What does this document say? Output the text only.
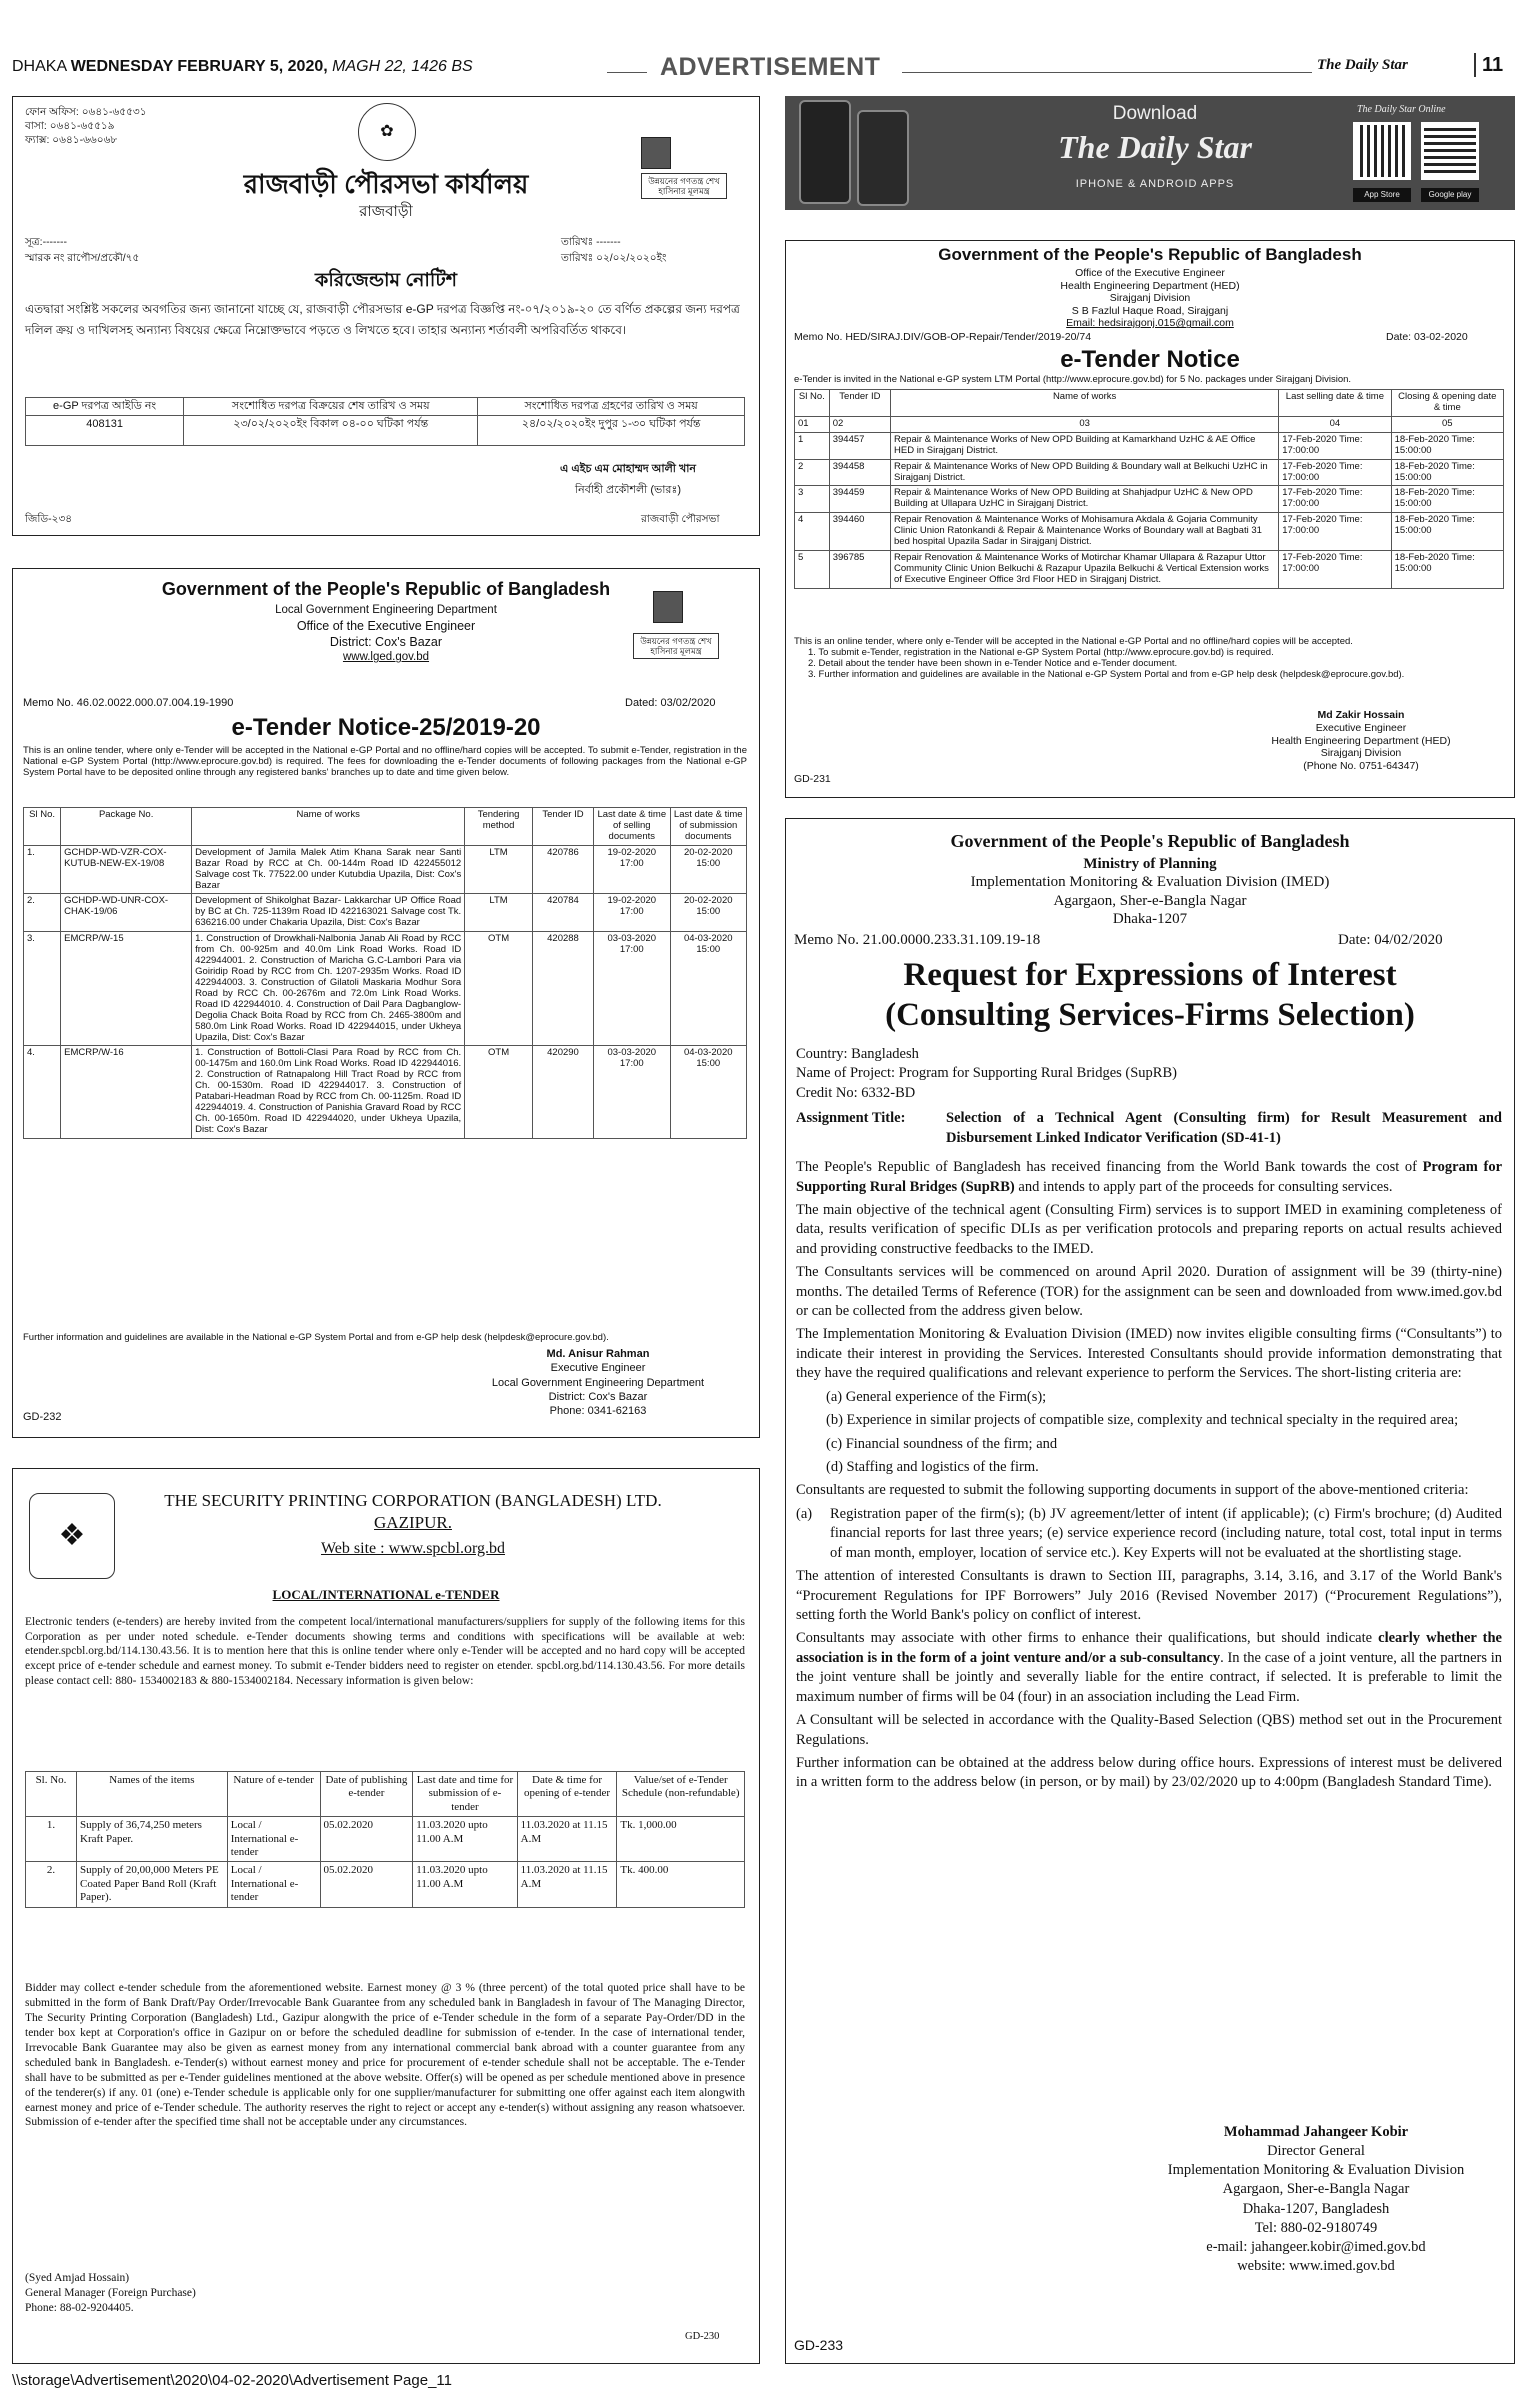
DHAKA WEDNESDAY FEBRUARY 5, 2020, MAGH 22, 1426 BS	ADVERTISEMENT	The Daily Star	11
ফোন অফিস: ০৬৪১-৬৫৫৩১
বাসা: ০৬৪১-৬৫৫১৯
ফ্যাক্স: ০৬৪১-৬৬০৬৮
✿
উন্নয়নের গণতন্ত্র শেখ হাসিনার মূলমন্ত্র
রাজবাড়ী পৌরসভা কার্যালয়
রাজবাড়ী
সূত্র:-------
স্মারক নং রাপৌস/প্রকৌ/৭৫
তারিখঃ -------
তারিখঃ ০২/০২/২০২০ইং
করিজেন্ডাম নোটিশ
এতদ্বারা সংশ্লিষ্ট সকলের অবগতির জন্য জানানো যাচ্ছে যে, রাজবাড়ী পৌরসভার e-GP দরপত্র বিজ্ঞপ্তি নং-০৭/২০১৯-২০ তে বর্ণিত প্রকল্পের জন্য দরপত্র দলিল ক্রয় ও দাখিলসহ অন্যান্য বিষয়ের ক্ষেত্রে নিম্নোক্তভাবে পড়তে ও লিখতে হবে। তাহার অন্যান্য শর্তাবলী অপরিবর্তিত থাকবে।
e-GP দরপত্র আইডি নং	সংশোধিত দরপত্র বিক্রয়ের শেষ তারিখ ও সময়	সংশোধিত দরপত্র গ্রহণের তারিখ ও সময়
408131	২৩/০২/২০২০ইং বিকাল ০৪-০০ ঘটিকা পর্যন্ত	২৪/০২/২০২০ইং দুপুর ১-৩০ ঘটিকা পর্যন্ত
এ এইচ এম মোহাম্মদ আলী খান
নির্বাহী প্রকৌশলী (ভারঃ)
জিডি-২৩৪	রাজবাড়ী পৌরসভা
Government of the People's Republic of Bangladesh
Local Government Engineering Department
Office of the Executive Engineer
District: Cox's Bazar
www.lged.gov.bd
উন্নয়নের গণতন্ত্র শেখ হাসিনার মূলমন্ত্র
Memo No. 46.02.0022.000.07.004.19-1990	Dated: 03/02/2020
e-Tender Notice-25/2019-20
This is an online tender, where only e-Tender will be accepted in the National e-GP Portal and no offline/hard copies will be accepted. To submit e-Tender, registration in the National e-GP System Portal (http://www.eprocure.gov.bd) is required. The fees for downloading the e-Tender documents of following packages from the National e-GP System Portal have to be deposited online through any registered banks' branches up to date and time given below.
Sl No.	Package No.	Name of works	Tendering method	Tender ID	Last date & time of selling documents	Last date & time of submission documents
1.	GCHDP-WD-VZR-COX-KUTUB-NEW-EX-19/08	Development of Jamila Malek Atim Khana Sarak near Santi Bazar Road by RCC at Ch. 00-144m Road ID 422455012 Salvage cost Tk. 77522.00 under Kutubdia Upazila, Dist: Cox's Bazar	LTM	420786	19-02-2020 17:00	20-02-2020 15:00
2.	GCHDP-WD-UNR-COX-CHAK-19/06	Development of Shikolghat Bazar- Lakkarchar UP Office Road by BC at Ch. 725-1139m Road ID 422163021 Salvage cost Tk. 636216.00 under Chakaria Upazila, Dist: Cox's Bazar	LTM	420784	19-02-2020 17:00	20-02-2020 15:00
3.	EMCRP/W-15	1. Construction of Drowkhali-Nalbonia Janab Ali Road by RCC from Ch. 00-925m and 40.0m Link Road Works. Road ID 422944001. 2. Construction of Maricha G.C-Lambori Para via Goiridip Road by RCC from Ch. 1207-2935m Works. Road ID 422944003. 3. Construction of Gilatoli Maskaria Modhur Sora Road by RCC Ch. 00-2676m and 72.0m Link Road Works. Road ID 422944010. 4. Construction of Dail Para Dagbanglow-Degolia Chack Boita Road by RCC from Ch. 2465-3800m and 580.0m Link Road Works. Road ID 422944015, under Ukheya Upazila, Dist: Cox's Bazar	OTM	420288	03-03-2020 17:00	04-03-2020 15:00
4.	EMCRP/W-16	1. Construction of Bottoli-Clasi Para Road by RCC from Ch. 00-1475m and 160.0m Link Road Works. Road ID 422944016. 2. Construction of Ratnapalong Hill Tract Road by RCC from Ch. 00-1530m. Road ID 422944017. 3. Construction of Patabari-Headman Road by RCC from Ch. 00-1125m. Road ID 422944019. 4. Construction of Panishia Gravard Road by RCC Ch. 00-1650m. Road ID 422944020, under Ukheya Upazila, Dist: Cox's Bazar	OTM	420290	03-03-2020 17:00	04-03-2020 15:00
Further information and guidelines are available in the National e-GP System Portal and from e-GP help desk (helpdesk@eprocure.gov.bd).
Md. Anisur Rahman
Executive Engineer
Local Government Engineering Department
District: Cox's Bazar
Phone: 0341-62163
GD-232
❖
THE SECURITY PRINTING CORPORATION (BANGLADESH) LTD.
GAZIPUR.
Web site : www.spcbl.org.bd
LOCAL/INTERNATIONAL e-TENDER
Electronic tenders (e-tenders) are hereby invited from the competent local/international manufacturers/suppliers for supply of the following items for this Corporation as per under noted schedule. e-Tender documents showing terms and conditions with specifications will be available at web: etender.spcbl.org.bd/114.130.43.56. It is to mention here that this is online tender where only e-Tender will be accepted and no hard copy will be accepted except price of e-tender schedule and earnest money. To submit e-Tender bidders need to register on etender. spcbl.org.bd/114.130.43.56. For more details please contact cell: 880- 1534002183 & 880-1534002184. Necessary information is given below:
Sl. No.	Names of the items	Nature of e-tender	Date of publishing e-tender	Last date and time for submission of e-tender	Date & time for opening of e-tender	Value/set of e-Tender Schedule (non-refundable)
1.	Supply of 36,74,250 meters Kraft Paper.	Local / International e-tender	05.02.2020	11.03.2020 upto 11.00 A.M	11.03.2020 at 11.15 A.M	Tk. 1,000.00
2.	Supply of 20,00,000 Meters PE Coated Paper Band Roll (Kraft Paper).	Local / International e-tender	05.02.2020	11.03.2020 upto 11.00 A.M	11.03.2020 at 11.15 A.M	Tk. 400.00
Bidder may collect e-tender schedule from the aforementioned website. Earnest money @ 3 % (three percent) of the total quoted price shall have to be submitted in the form of Bank Draft/Pay Order/Irrevocable Bank Guarantee from any scheduled bank in Bangladesh in favour of The Managing Director, The Security Printing Corporation (Bangladesh) Ltd., Gazipur alongwith the price of e-Tender schedule in the form of a separate Pay-Order/DD in the tender box kept at Corporation's office in Gazipur on or before the scheduled deadline for submission of e-tender. In the case of international tender, Irrevocable Bank Guarantee may also be given as earnest money from any international commercial bank abroad with a counter guarantee from any scheduled bank in Bangladesh. e-Tender(s) without earnest money and price for procurement of e-tender schedule shall not be acceptable. The e-Tender shall have to be submitted as per e-Tender guidelines mentioned at the above website. Offer(s) will be opened as per schedule mentioned above in presence of the tenderer(s) if any. 01 (one) e-Tender schedule is applicable only for one supplier/manufacturer for submitting one offer against each item alongwith earnest money and price of e-Tender schedule. The authority reserves the right to reject or accept any e-tender(s) without assigning any reason whatsoever. Submission of e-tender after the specified time shall not be acceptable under any circumstances.
(Syed Amjad Hossain)
General Manager (Foreign Purchase)
Phone: 88-02-9204405.
GD-230
Download
The Daily Star
IPHONE & ANDROID APPS
The Daily Star Online
App Store	Google play
Government of the People's Republic of Bangladesh
Office of the Executive Engineer
Health Engineering Department (HED)
Sirajganj Division
S B Fazlul Haque Road, Sirajganj
Email: hedsirajgonj.015@gmail.com
Memo No. HED/SIRAJ.DIV/GOB-OP-Repair/Tender/2019-20/74	Date: 03-02-2020
e-Tender Notice
e-Tender is invited in the National e-GP system LTM Portal (http://www.eprocure.gov.bd) for 5 No. packages under Sirajganj Division.
Sl No.	Tender ID	Name of works	Last selling date & time	Closing & opening date & time
01	02	03	04	05
1	394457	Repair & Maintenance Works of New OPD Building at Kamarkhand UzHC & AE Office HED in Sirajganj District.	17-Feb-2020 Time: 17:00:00	18-Feb-2020 Time: 15:00:00
2	394458	Repair & Maintenance Works of New OPD Building & Boundary wall at Belkuchi UzHC in Sirajganj District.	17-Feb-2020 Time: 17:00:00	18-Feb-2020 Time: 15:00:00
3	394459	Repair & Maintenance Works of New OPD Building at Shahjadpur UzHC & New OPD Building at Ullapara UzHC in Sirajganj District.	17-Feb-2020 Time: 17:00:00	18-Feb-2020 Time: 15:00:00
4	394460	Repair Renovation & Maintenance Works of Mohisamura Akdala & Gojaria Community Clinic Union Ratonkandi & Repair & Maintenance Works of Boundary wall at Bagbati 31 bed hospital Upazila Sadar in Sirajganj District.	17-Feb-2020 Time: 17:00:00	18-Feb-2020 Time: 15:00:00
5	396785	Repair Renovation & Maintenance Works of Motirchar Khamar Ullapara & Razapur Uttor Community Clinic Union Belkuchi & Razapur Upazila Belkuchi & Vertical Extension works of Executive Engineer Office 3rd Floor HED in Sirajganj District.	17-Feb-2020 Time: 17:00:00	18-Feb-2020 Time: 15:00:00
This is an online tender, where only e-Tender will be accepted in the National e-GP Portal and no offline/hard copies will be accepted.
1. To submit e-Tender, registration in the National e-GP System Portal (http://www.eprocure.gov.bd) is required.
2. Detail about the tender have been shown in e-Tender Notice and e-Tender document.
3. Further information and guidelines are available in the National e-GP System Portal and from e-GP help desk (helpdesk@eprocure.gov.bd).
Md Zakir Hossain
Executive Engineer
Health Engineering Department (HED)
Sirajganj Division
(Phone No. 0751-64347)
GD-231
Government of the People's Republic of Bangladesh
Ministry of Planning
Implementation Monitoring & Evaluation Division (IMED)
Agargaon, Sher-e-Bangla Nagar
Dhaka-1207
Memo No. 21.00.0000.233.31.109.19-18	Date: 04/02/2020
Request for Expressions of Interest
(Consulting Services-Firms Selection)
Country: Bangladesh
Name of Project: Program for Supporting Rural Bridges (SupRB)
Credit No: 6332-BD
Assignment Title:	Selection of a Technical Agent (Consulting firm) for Result Measurement and Disbursement Linked Indicator Verification (SD-41-1)

The People's Republic of Bangladesh has received financing from the World Bank towards the cost of Program for Supporting Rural Bridges (SupRB) and intends to apply part of the proceeds for consulting services.

The main objective of the technical agent (Consulting Firm) services is to support IMED in examining completeness of data, results verification of specific DLIs as per verification protocols and preparing reports on actual results achieved and providing constructive feedbacks to the IMED.

The Consultants services will be commenced on around April 2020. Duration of assignment will be 39 (thirty-nine) months. The detailed Terms of Reference (TOR) for the assignment can be seen and downloaded from www.imed.gov.bd or can be collected from the address given below.

The Implementation Monitoring & Evaluation Division (IMED) now invites eligible consulting firms (“Consultants”) to indicate their interest in providing the Services. Interested Consultants should provide information demonstrating that they have the required qualifications and relevant experience to perform the Services. The short-listing criteria are:

(a) General experience of the Firm(s);
(b) Experience in similar projects of compatible size, complexity and technical specialty in the required area;
(c) Financial soundness of the firm; and
(d) Staffing and logistics of the firm.

Consultants are requested to submit the following supporting documents in support of the above-mentioned criteria:

(a)	Registration paper of the firm(s); (b) JV agreement/letter of intent (if applicable); (c) Firm's brochure; (d) Audited financial reports for last three years; (e) service experience record (including nature, total cost, total input in terms of man month, employer, location of service etc.). Key Experts will not be evaluated at the shortlisting stage.

The attention of interested Consultants is drawn to Section III, paragraphs, 3.14, 3.16, and 3.17 of the World Bank's “Procurement Regulations for IPF Borrowers” July 2016 (Revised November 2017) (“Procurement Regulations”), setting forth the World Bank's policy on conflict of interest.

Consultants may associate with other firms to enhance their qualifications, but should indicate clearly whether the association is in the form of a joint venture and/or a sub-consultancy. In the case of a joint venture, all the partners in the joint venture shall be jointly and severally liable for the entire contract, if selected. It is preferable to limit the maximum number of firms will be 04 (four) in an association including the Lead Firm.

A Consultant will be selected in accordance with the Quality-Based Selection (QBS) method set out in the Procurement Regulations.

Further information can be obtained at the address below during office hours. Expressions of interest must be delivered in a written form to the address below (in person, or by mail) by 23/02/2020 up to 4:00pm (Bangladesh Standard Time).

Mohammad Jahangeer Kobir
Director General
Implementation Monitoring & Evaluation Division
Agargaon, Sher-e-Bangla Nagar
Dhaka-1207, Bangladesh
Tel: 880-02-9180749
e-mail: jahangeer.kobir@imed.gov.bd
website: www.imed.gov.bd
GD-233
\\storage\Advertisement\2020\04-02-2020\Advertisement Page_11
